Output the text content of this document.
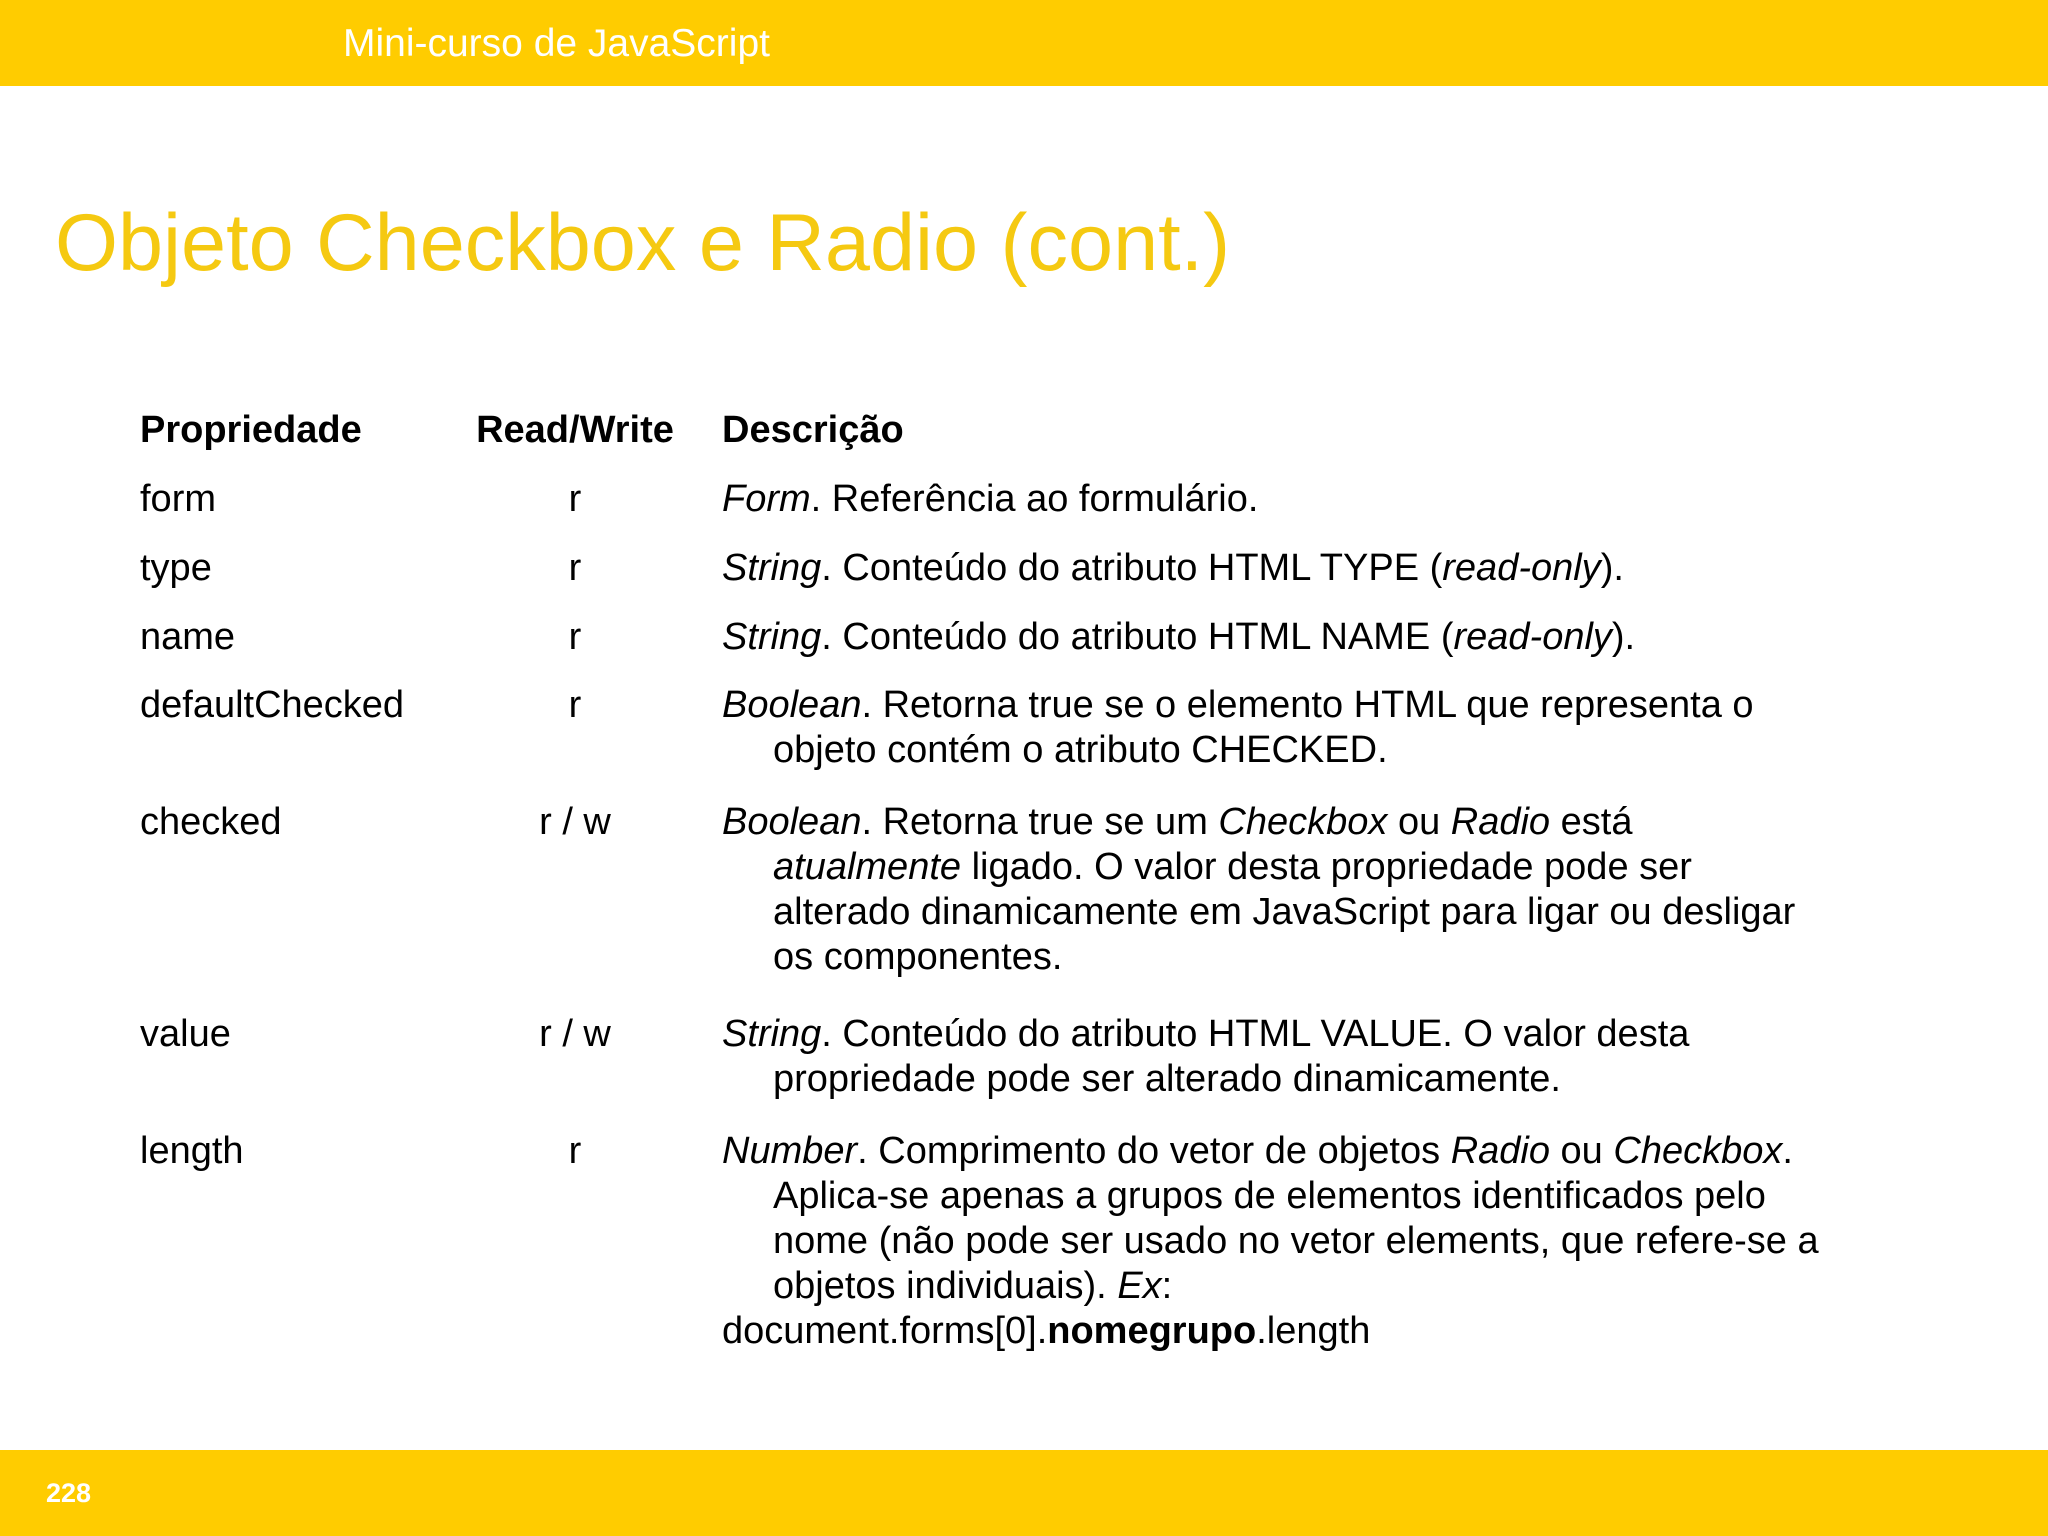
Mini-curso de JavaScript
Objeto Checkbox e Radio (cont.)
Propriedade	Read/Write	Descrição
form	r	Form. Referência ao formulário.
type	r	String. Conteúdo do atributo HTML TYPE (read-only).
name	r	String. Conteúdo do atributo HTML NAME (read-only).
defaultChecked	r	Boolean. Retorna true se o elemento HTML que representa o
objeto contém o atributo CHECKED.
checked	r / w	Boolean. Retorna true se um Checkbox ou Radio está
atualmente ligado. O valor desta propriedade pode ser
alterado dinamicamente em JavaScript para ligar ou desligar
os componentes.
value	r / w	String. Conteúdo do atributo HTML VALUE. O valor desta
propriedade pode ser alterado dinamicamente.
length	r	Number. Comprimento do vetor de objetos Radio ou Checkbox.
Aplica-se apenas a grupos de elementos identificados pelo
nome (não pode ser usado no vetor elements, que refere-se a
objetos individuais). Ex:
document.forms[0].nomegrupo.length
228
